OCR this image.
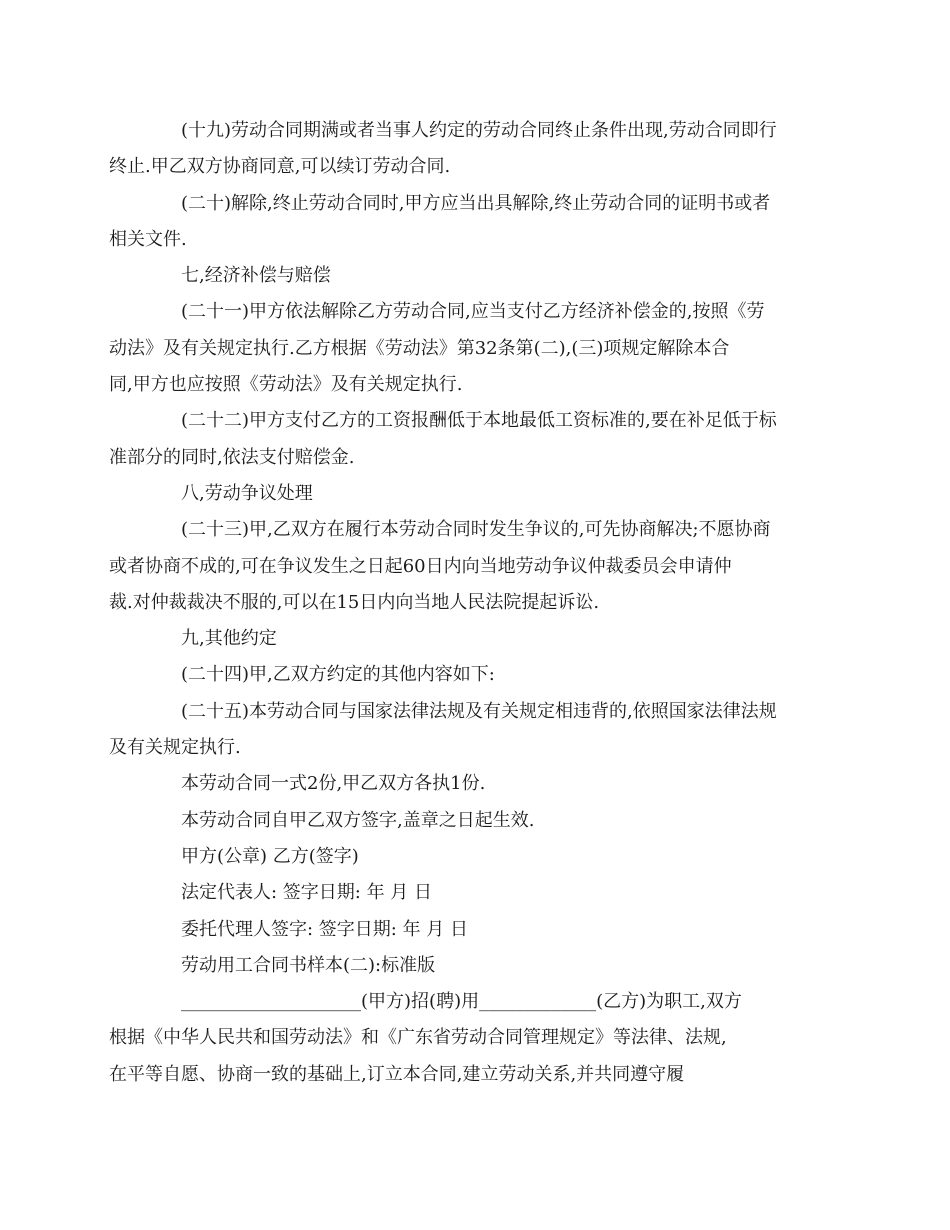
(十九)劳动合同期满或者当事人约定的劳动合同终止条件出现,劳动合同即行
终止.甲乙双方协商同意,可以续订劳动合同.

(二十)解除,终止劳动合同时,甲方应当出具解除,终止劳动合同的证明书或者
相关文件.

七,经济补偿与赔偿

(二十一)甲方依法解除乙方劳动合同,应当支付乙方经济补偿金的,按照《劳
动法》及有关规定执行.乙方根据《劳动法》第32条第(二),(三)项规定解除本合
同,甲方也应按照《劳动法》及有关规定执行.

(二十二)甲方支付乙方的工资报酬低于本地最低工资标准的,要在补足低于标
准部分的同时,依法支付赔偿金.

八,劳动争议处理

(二十三)甲,乙双方在履行本劳动合同时发生争议的,可先协商解决;不愿协商
或者协商不成的,可在争议发生之日起60日内向当地劳动争议仲裁委员会申请仲
裁.对仲裁裁决不服的,可以在15日内向当地人民法院提起诉讼.

九,其他约定

(二十四)甲,乙双方约定的其他内容如下:

(二十五)本劳动合同与国家法律法规及有关规定相违背的,依照国家法律法规
及有关规定执行.

本劳动合同一式2份,甲乙双方各执1份.

本劳动合同自甲乙双方签字,盖章之日起生效.

甲方(公章) 乙方(签字)

法定代表人: 签字日期: 年 月 日

委托代理人签字: 签字日期: 年 月 日

劳动用工合同书样本(二):标准版

____________________(甲方)招(聘)用_____________(乙方)为职工,双方
根据《中华人民共和国劳动法》和《广东省劳动合同管理规定》等法律、法规,
在平等自愿、协商一致的基础上,订立本合同,建立劳动关系,并共同遵守履
